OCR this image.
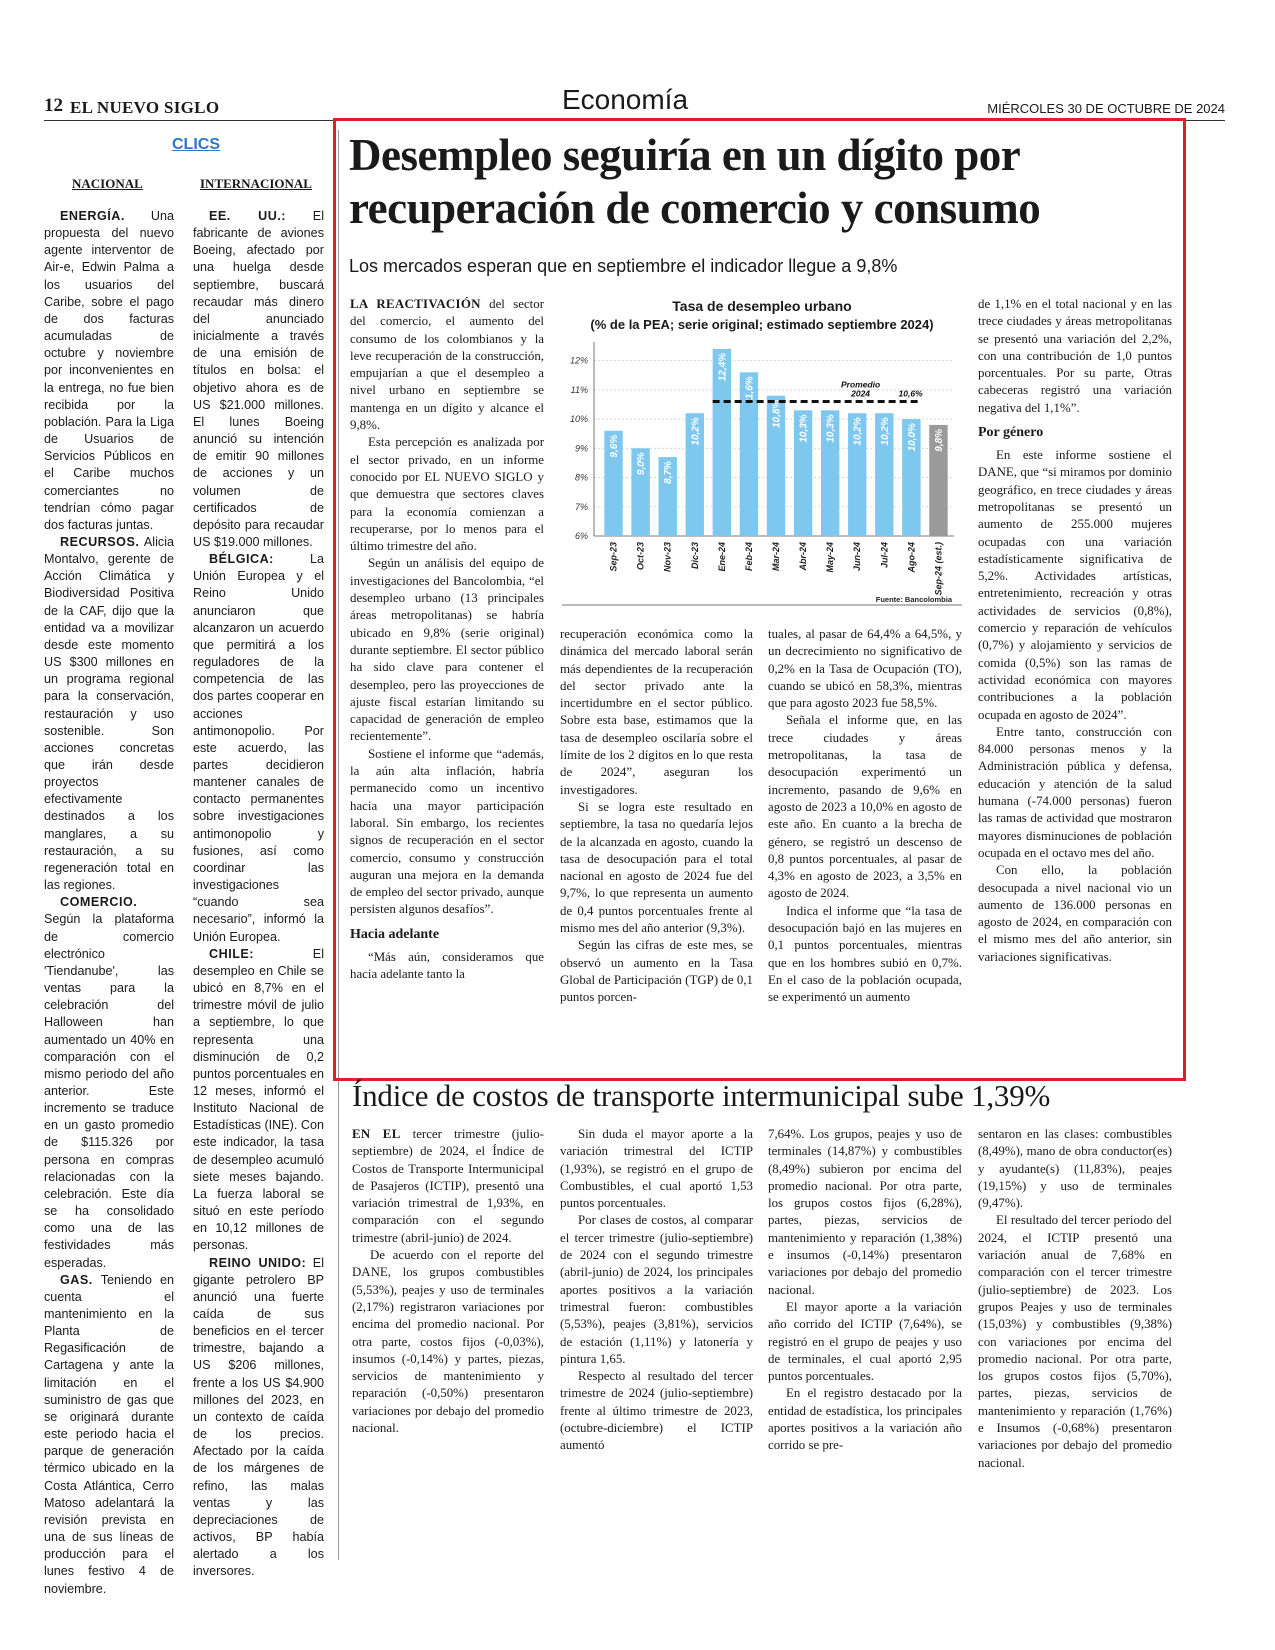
12 EL NUEVO SIGLO	Economía	MIÉRCOLES 30 DE OCTUBRE DE 2024
CLICS
NACIONAL	INTERNACIONAL

ENERGÍA. Una propuesta del nuevo agente interventor de Air-e, Edwin Palma a los usuarios del Caribe, sobre el pago de dos facturas acumuladas de octubre y noviembre por inconvenientes en la entrega, no fue bien recibida por la población. Para la Liga de Usuarios de Servicios Públicos en el Caribe muchos comerciantes no tendrían cómo pagar dos facturas juntas.

RECURSOS. Alicia Montalvo, gerente de Acción Climática y Biodiversidad Positiva de la CAF, dijo que la entidad va a movilizar desde este momento US $300 millones en un programa regional para la conservación, restauración y uso sostenible. Son acciones concretas que irán desde proyectos efectivamente destinados a los manglares, a su restauración, a su regeneración total en las regiones.

COMERCIO. Según la plataforma de comercio electrónico 'Tiendanube', las ventas para la celebración del Halloween han aumentado un 40% en comparación con el mismo periodo del año anterior. Este incremento se traduce en un gasto promedio de $115.326 por persona en compras relacionadas con la celebración. Este día se ha consolidado como una de las festividades más esperadas.

GAS. Teniendo en cuenta el mantenimiento en la Planta de Regasificación de Cartagena y ante la limitación en el suministro de gas que se originará durante este periodo hacia el parque de generación térmico ubicado en la Costa Atlántica, Cerro Matoso adelantará la revisión prevista en una de sus líneas de producción para el lunes festivo 4 de noviembre.

EE. UU.: El fabricante de aviones Boeing, afectado por una huelga desde septiembre, buscará recaudar más dinero del anunciado inicialmente a través de una emisión de títulos en bolsa: el objetivo ahora es de US $21.000 millones. El lunes Boeing anunció su intención de emitir 90 millones de acciones y un volumen de certificados de depósito para recaudar US $19.000 millones.

BÉLGICA: La Unión Europea y el Reino Unido anunciaron que alcanzaron un acuerdo que permitirá a los reguladores de la competencia de las dos partes cooperar en acciones antimonopolio. Por este acuerdo, las partes decidieron mantener canales de contacto permanentes sobre investigaciones antimonopolio y fusiones, así como coordinar las investigaciones “cuando sea necesario”, informó la Unión Europea.

CHILE: El desempleo en Chile se ubicó en 8,7% en el trimestre móvil de julio a septiembre, lo que representa una disminución de 0,2 puntos porcentuales en 12 meses, informó el Instituto Nacional de Estadísticas (INE). Con este indicador, la tasa de desempleo acumuló siete meses bajando. La fuerza laboral se situó en este período en 10,12 millones de personas.

REINO UNIDO: El gigante petrolero BP anunció una fuerte caída de sus beneficios en el tercer trimestre, bajando a US $206 millones, frente a los US $4.900 millones del 2023, en un contexto de caída de los precios. Afectado por la caída de los márgenes de refino, las malas ventas y las depreciaciones de activos, BP había alertado a los inversores.

Desempleo seguiría en un dígito por recuperación de comercio y consumo
Los mercados esperan que en septiembre el indicador llegue a 9,8%

LA REACTIVACIÓN del sector del comercio, el aumento del consumo de los colombianos y la leve recuperación de la construcción, empujarían a que el desempleo a nivel urbano en septiembre se mantenga en un dígito y alcance el 9,8%.

Esta percepción es analizada por el sector privado, en un informe conocido por EL NUEVO SIGLO y que demuestra que sectores claves para la economía comienzan a recuperarse, por lo menos para el último trimestre del año.

Según un análisis del equipo de investigaciones del Bancolombia, “el desempleo urbano (13 principales áreas metropolitanas) se habría ubicado en 9,8% (serie original) durante septiembre. El sector público ha sido clave para contener el desempleo, pero las proyecciones de ajuste fiscal estarían limitando su capacidad de generación de empleo recientemente”.

Sostiene el informe que “además, la aún alta inflación, habría permanecido como un incentivo hacia una mayor participación laboral. Sin embargo, los recientes signos de recuperación en el sector comercio, consumo y construcción auguran una mejora en la demanda de empleo del sector privado, aunque persisten algunos desafíos”.

Hacia adelante

“Más aún, consideramos que hacia adelante tanto la

Tasa de desempleo urbano
(% de la PEA; serie original; estimado septiembre 2024)
6%
7%
8%
9%
10%
11%
12%
9,6%
Sep-23
9,0%
Oct-23
8,7%
Nov-23
10,2%
Dic-23
12,4%
Ene-24
11,6%
Feb-24
10,8%
Mar-24
10,3%
Abr-24
10,3%
May-24
10,2%
Jun-24
10,2%
Jul-24
10,0%
Ago-24
9,8%
Sep-24 (est.)
Promedio
2024	10,6%
Fuente: Bancolombia

recuperación económica como la dinámica del mercado laboral serán más dependientes de la recuperación del sector privado ante la incertidumbre en el sector público. Sobre esta base, estimamos que la tasa de desempleo oscilaría sobre el límite de los 2 dígitos en lo que resta de 2024”, aseguran los investigadores.

Si se logra este resultado en septiembre, la tasa no quedaría lejos de la alcanzada en agosto, cuando la tasa de desocupación para el total nacional en agosto de 2024 fue del 9,7%, lo que representa un aumento de 0,4 puntos porcentuales frente al mismo mes del año anterior (9,3%).

Según las cifras de este mes, se observó un aumento en la Tasa Global de Participación (TGP) de 0,1 puntos porcen-

tuales, al pasar de 64,4% a 64,5%, y un decrecimiento no significativo de 0,2% en la Tasa de Ocupación (TO), cuando se ubicó en 58,3%, mientras que para agosto 2023 fue 58,5%.

Señala el informe que, en las trece ciudades y áreas metropolitanas, la tasa de desocupación experimentó un incremento, pasando de 9,6% en agosto de 2023 a 10,0% en agosto de este año. En cuanto a la brecha de género, se registró un descenso de 0,8 puntos porcentuales, al pasar de 4,3% en agosto de 2023, a 3,5% en agosto de 2024.

Indica el informe que “la tasa de desocupación bajó en las mujeres en 0,1 puntos porcentuales, mientras que en los hombres subió en 0,7%. En el caso de la población ocupada, se experimentó un aumento

de 1,1% en el total nacional y en las trece ciudades y áreas metropolitanas se presentó una variación del 2,2%, con una contribución de 1,0 puntos porcentuales. Por su parte, Otras cabeceras registró una variación negativa del 1,1%”.

Por género

En este informe sostiene el DANE, que “si miramos por dominio geográfico, en trece ciudades y áreas metropolitanas se presentó un aumento de 255.000 mujeres ocupadas con una variación estadísticamente significativa de 5,2%. Actividades artísticas, entretenimiento, recreación y otras actividades de servicios (0,8%), comercio y reparación de vehículos (0,7%) y alojamiento y servicios de comida (0,5%) son las ramas de actividad económica con mayores contribuciones a la población ocupada en agosto de 2024”.

Entre tanto, construcción con 84.000 personas menos y la Administración pública y defensa, educación y atención de la salud humana (-74.000 personas) fueron las ramas de actividad que mostraron mayores disminuciones de población ocupada en el octavo mes del año.

Con ello, la población desocupada a nivel nacional vio un aumento de 136.000 personas en agosto de 2024, en comparación con el mismo mes del año anterior, sin variaciones significativas.

Índice de costos de transporte intermunicipal sube 1,39%

EN EL tercer trimestre (julio-septiembre) de 2024, el Índice de Costos de Transporte Intermunicipal de Pasajeros (ICTIP), presentó una variación trimestral de 1,93%, en comparación con el segundo trimestre (abril-junio) de 2024.

De acuerdo con el reporte del DANE, los grupos combustibles (5,53%), peajes y uso de terminales (2,17%) registraron variaciones por encima del promedio nacional. Por otra parte, costos fijos (-0,03%), insumos (-0,14%) y partes, piezas, servicios de mantenimiento y reparación (-0,50%) presentaron variaciones por debajo del promedio nacional.

Sin duda el mayor aporte a la variación trimestral del ICTIP (1,93%), se registró en el grupo de Combustibles, el cual aportó 1,53 puntos porcentuales.

Por clases de costos, al comparar el tercer trimestre (julio-septiembre) de 2024 con el segundo trimestre (abril-junio) de 2024, los principales aportes positivos a la variación trimestral fueron: combustibles (5,53%), peajes (3,81%), servicios de estación (1,11%) y latonería y pintura 1,65.

Respecto al resultado del tercer trimestre de 2024 (julio-septiembre) frente al último trimestre de 2023, (octubre-diciembre) el ICTIP aumentó

7,64%. Los grupos, peajes y uso de terminales (14,87%) y combustibles (8,49%) subieron por encima del promedio nacional. Por otra parte, los grupos costos fijos (6,28%), partes, piezas, servicios de mantenimiento y reparación (1,38%) e insumos (-0,14%) presentaron variaciones por debajo del promedio nacional.

El mayor aporte a la variación año corrido del ICTIP (7,64%), se registró en el grupo de peajes y uso de terminales, el cual aportó 2,95 puntos porcentuales.

En el registro destacado por la entidad de estadística, los principales aportes positivos a la variación año corrido se pre-

sentaron en las clases: combustibles (8,49%), mano de obra conductor(es) y ayudante(s) (11,83%), peajes (19,15%) y uso de terminales (9,47%).

El resultado del tercer periodo del 2024, el ICTIP presentó una variación anual de 7,68% en comparación con el tercer trimestre (julio-septiembre) de 2023. Los grupos Peajes y uso de terminales (15,03%) y combustibles (9,38%) con variaciones por encima del promedio nacional. Por otra parte, los grupos costos fijos (5,70%), partes, piezas, servicios de mantenimiento y reparación (1,76%) e Insumos (-0,68%) presentaron variaciones por debajo del promedio nacional.
